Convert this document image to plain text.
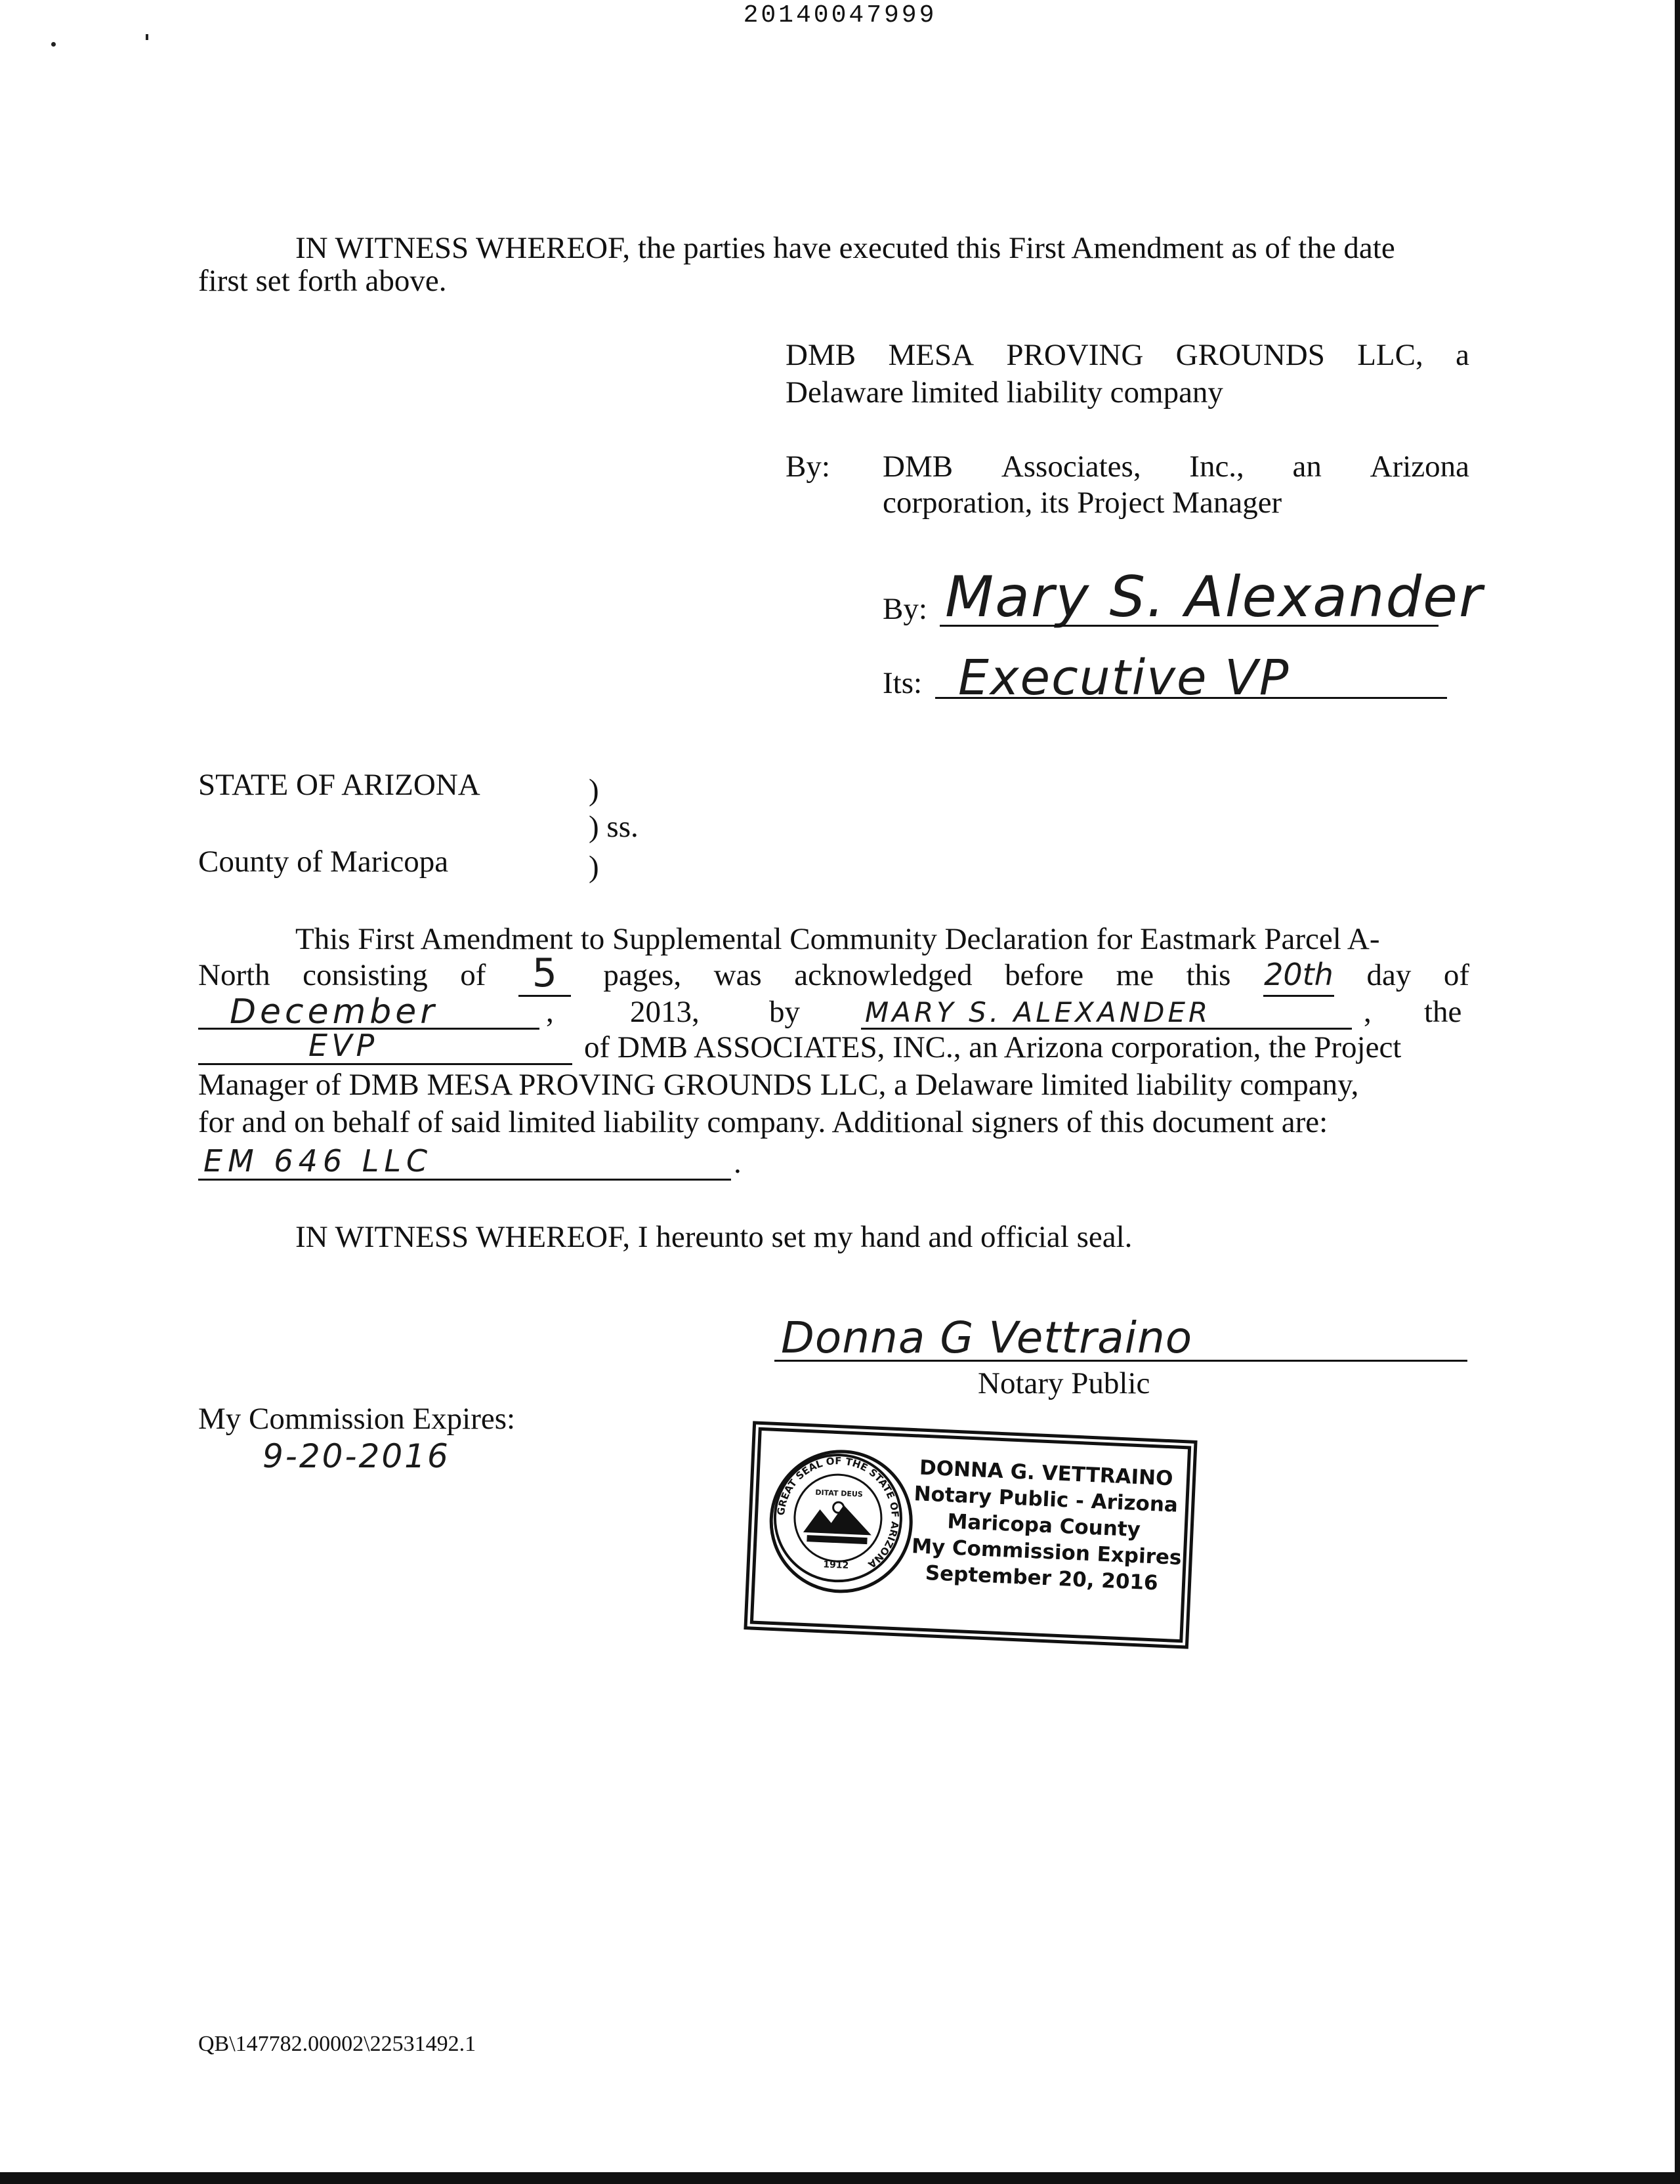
20140047999
IN WITNESS WHEREOF, the parties have executed this First Amendment as of the date
first set forth above.
DMB MESA PROVING GROUNDS LLC, a
Delaware limited liability company
By: DMB Associates, Inc., an Arizona
corporation, its Project Manager
By: Mary S. Alexander
Its: Executive VP
STATE OF ARIZONA	)
) ss.
County of Maricopa	)
This First Amendment to Supplemental Community Declaration for Eastmark Parcel A-
North consisting of	5	pages, was acknowledged before me this 20th day of
December	, 2013, by MARY S. ALEXANDER	, the
EVP	of DMB ASSOCIATES, INC., an Arizona corporation, the Project
Manager of DMB MESA PROVING GROUNDS LLC, a Delaware limited liability company,
for and on behalf of said limited liability company. Additional signers of this document are:
EM 646 LLC	.
IN WITNESS WHEREOF, I hereunto set my hand and official seal.
Donna G Vettraino
Notary Public
My Commission Expires:
9-20-2016
GREAT SEAL OF THE STATE OF ARIZONA
1912
DITAT DEUS
DONNA G. VETTRAINO
Notary Public - Arizona
Maricopa County
My Commission Expires
September 20, 2016
QB\147782.00002\22531492.1
